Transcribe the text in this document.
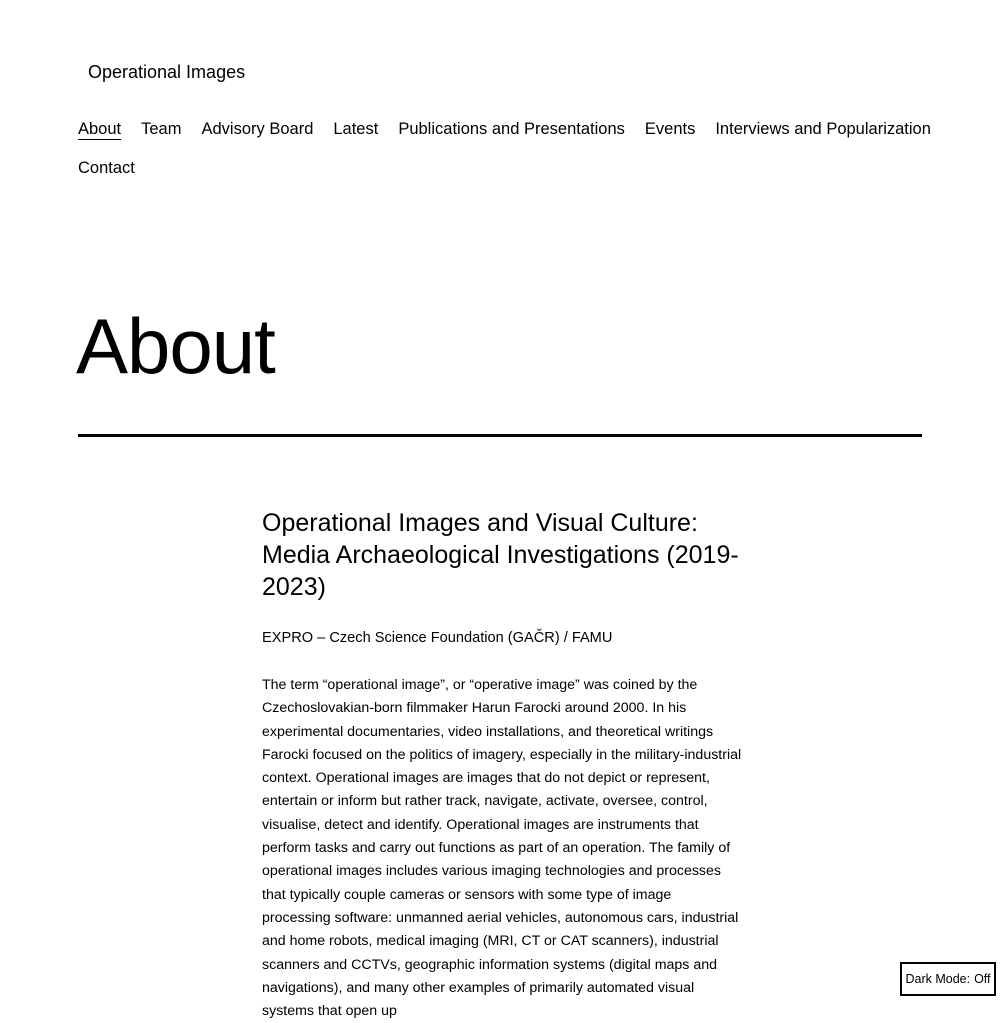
Operational Images
About Team Advisory Board Latest Publications and Presentations Events Interviews and Popularization
Contact
About
Operational Images and Visual Culture: Media Archaeological Investigations (2019-2023)

EXPRO – Czech Science Foundation (GAČR) / FAMU

The term “operational image”, or “operative image” was coined by the Czechoslovakian-born filmmaker Harun Farocki around 2000. In his experimental documentaries, video installations, and theoretical writings Farocki focused on the politics of imagery, especially in the military-industrial context. Operational images are images that do not depict or represent, entertain or inform but rather track, navigate, activate, oversee, control, visualise, detect and identify. Operational images are instruments that perform tasks and carry out functions as part of an operation. The family of operational images includes various imaging technologies and processes that typically couple cameras or sensors with some type of image processing software: unmanned aerial vehicles, autonomous cars, industrial and home robots, medical imaging (MRI, CT or CAT scanners), industrial scanners and CCTVs, geographic information systems (digital maps and navigations), and many other examples of primarily automated visual systems that open up

Dark Mode: Off
